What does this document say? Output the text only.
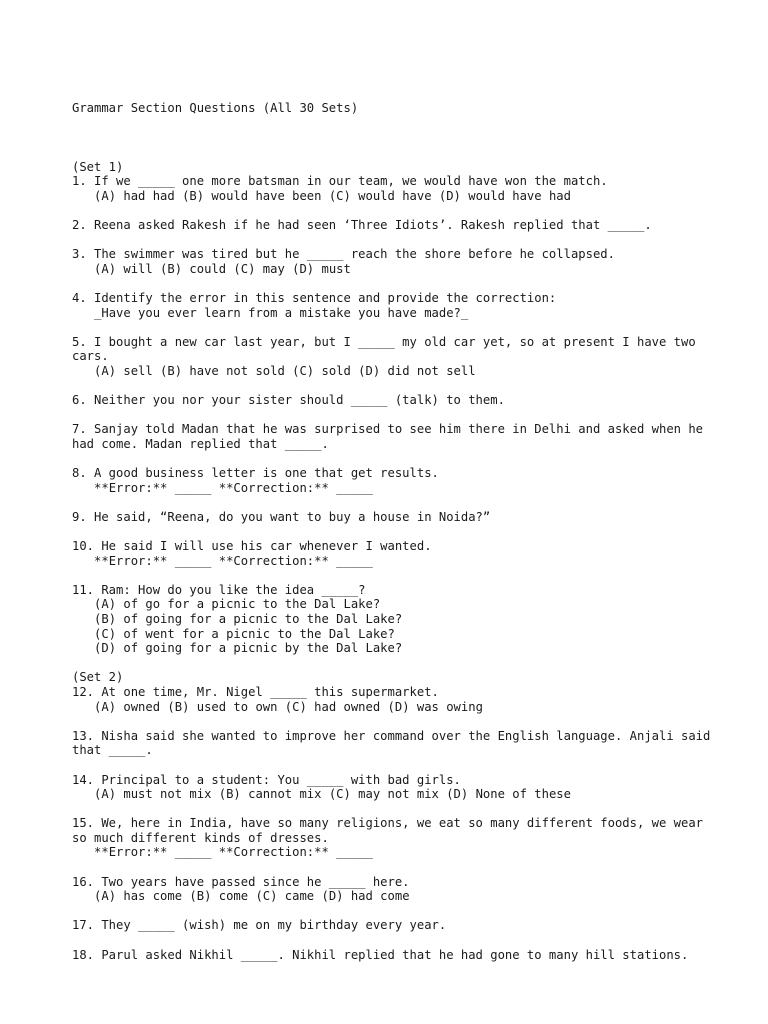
Grammar Section Questions (All 30 Sets)

(Set 1)
1. If we _____ one more batsman in our team, we would have won the match.
(A) had had (B) would have been (C) would have (D) would have had
2. Reena asked Rakesh if he had seen ‘Three Idiots’. Rakesh replied that _____.
3. The swimmer was tired but he _____ reach the shore before he collapsed.
(A) will (B) could (C) may (D) must
4. Identify the error in this sentence and provide the correction:
_Have you ever learn from a mistake you have made?_
5. I bought a new car last year, but I _____ my old car yet, so at present I have two cars.
(A) sell (B) have not sold (C) sold (D) did not sell
6. Neither you nor your sister should _____ (talk) to them.
7. Sanjay told Madan that he was surprised to see him there in Delhi and asked when he had come. Madan replied that _____.
8. A good business letter is one that get results.
**Error:** _____ **Correction:** _____
9. He said, “Reena, do you want to buy a house in Noida?”
10. He said I will use his car whenever I wanted.
**Error:** _____ **Correction:** _____
11. Ram: How do you like the idea _____?
(A) of go for a picnic to the Dal Lake?
(B) of going for a picnic to the Dal Lake?
(C) of went for a picnic to the Dal Lake?
(D) of going for a picnic by the Dal Lake?
(Set 2)
12. At one time, Mr. Nigel _____ this supermarket.
(A) owned (B) used to own (C) had owned (D) was owing
13. Nisha said she wanted to improve her command over the English language. Anjali said that _____.
14. Principal to a student: You _____ with bad girls.
(A) must not mix (B) cannot mix (C) may not mix (D) None of these
15. We, here in India, have so many religions, we eat so many different foods, we wear so much different kinds of dresses.
**Error:** _____ **Correction:** _____
16. Two years have passed since he _____ here.
(A) has come (B) come (C) came (D) had come
17. They _____ (wish) me on my birthday every year.
18. Parul asked Nikhil _____. Nikhil replied that he had gone to many hill stations.
